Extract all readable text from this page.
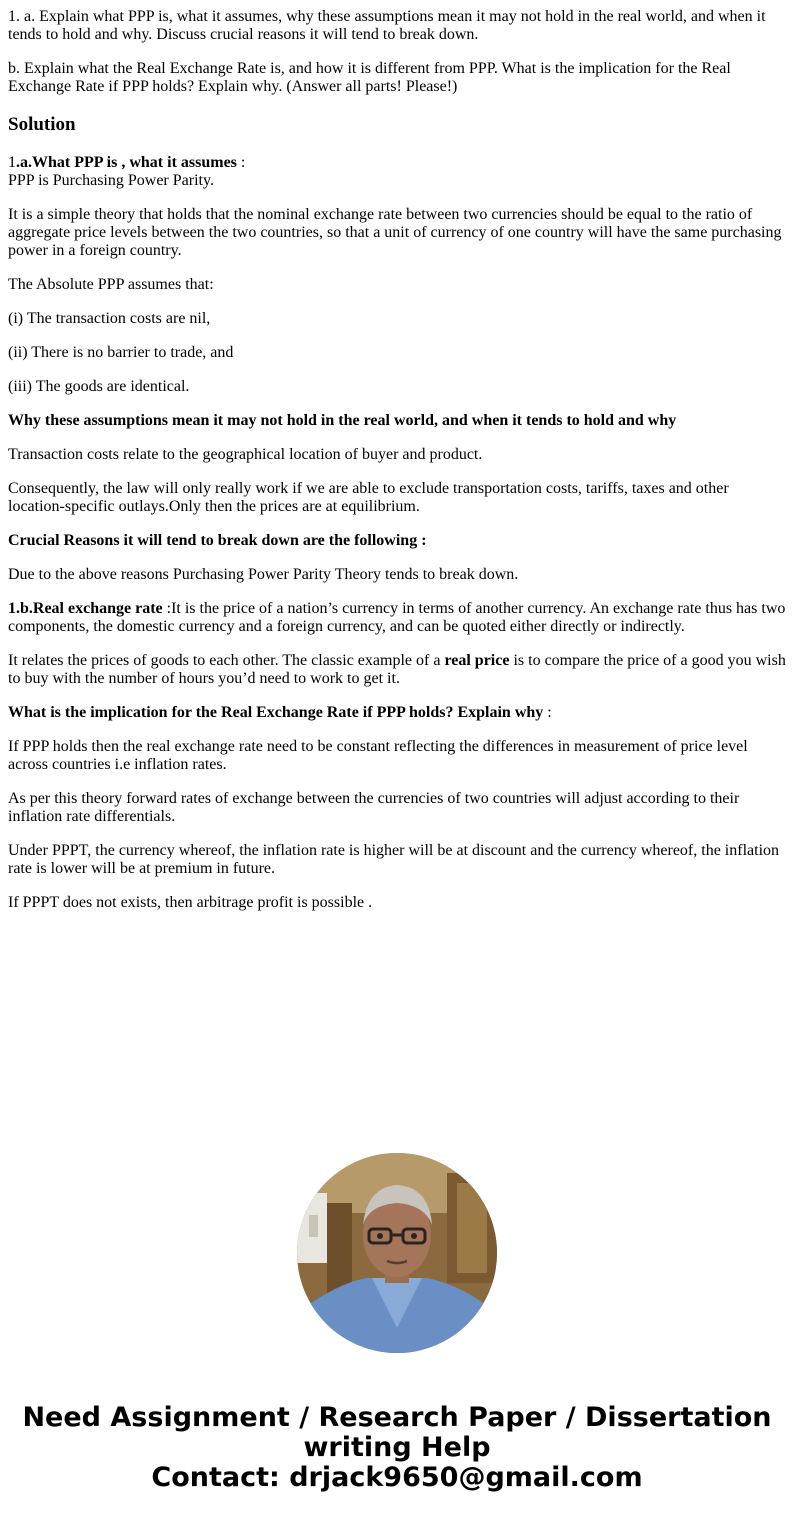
1. a. Explain what PPP is, what it assumes, why these assumptions mean it may not hold in the real world, and when it tends to hold and why. Discuss crucial reasons it will tend to break down.

b. Explain what the Real Exchange Rate is, and how it is different from PPP. What is the implication for the Real Exchange Rate if PPP holds? Explain why. (Answer all parts! Please!)

Solution

1.a.What PPP is , what it assumes :
PPP is Purchasing Power Parity.

It is a simple theory that holds that the nominal exchange rate between two currencies should be equal to the ratio of aggregate price levels between the two countries, so that a unit of currency of one country will have the same purchasing power in a foreign country.

The Absolute PPP assumes that:

(i) The transaction costs are nil,

(ii) There is no barrier to trade, and

(iii) The goods are identical.

Why these assumptions mean it may not hold in the real world, and when it tends to hold and why

Transaction costs relate to the geographical location of buyer and product.

Consequently, the law will only really work if we are able to exclude transportation costs, tariffs, taxes and other location-specific outlays.Only then the prices are at equilibrium.

Crucial Reasons it will tend to break down are the following :

Due to the above reasons Purchasing Power Parity Theory tends to break down.

1.b.Real exchange rate :It is the price of a nation’s currency in terms of another currency. An exchange rate thus has two components, the domestic currency and a foreign currency, and can be quoted either directly or indirectly.

It relates the prices of goods to each other. The classic example of a real price is to compare the price of a good you wish to buy with the number of hours you’d need to work to get it.

What is the implication for the Real Exchange Rate if PPP holds? Explain why :

If PPP holds then the real exchange rate need to be constant reflecting the differences in measurement of price level across countries i.e inflation rates.

As per this theory forward rates of exchange between the currencies of two countries will adjust according to their inflation rate differentials.

Under PPPT, the currency whereof, the inflation rate is higher will be at discount and the currency whereof, the inflation rate is lower will be at premium in future.

If PPPT does not exists, then arbitrage profit is possible .

Need Assignment / Research Paper / Dissertation
writing Help
Contact: drjack9650@gmail.com
